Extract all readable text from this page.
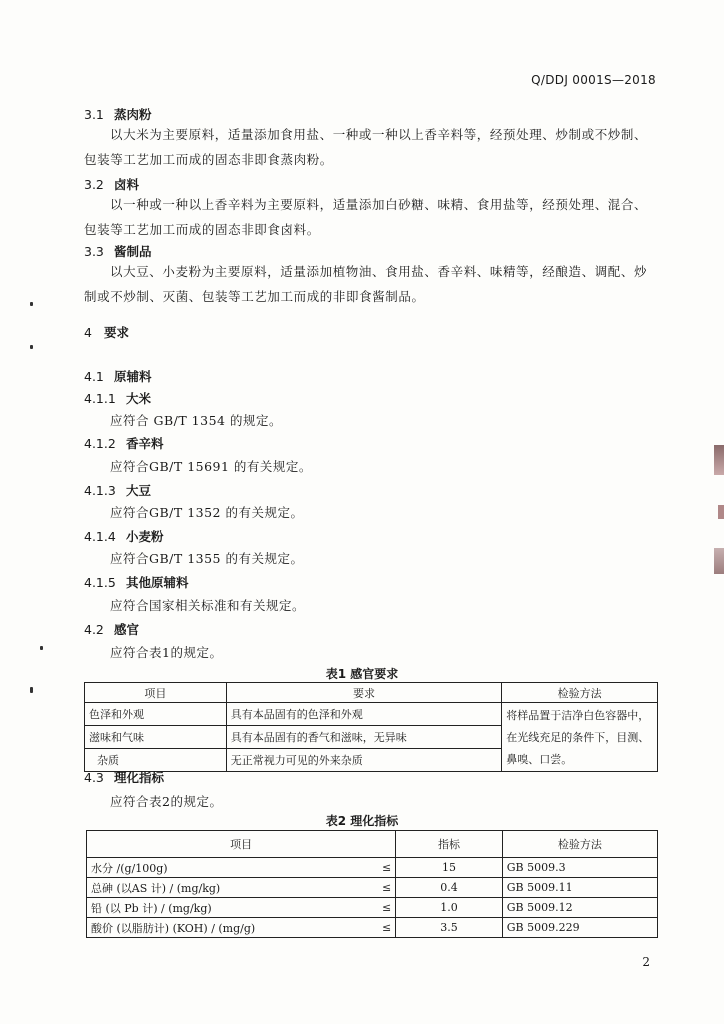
Q/DDJ 0001S—2018
3.1 蒸肉粉
以大米为主要原料，适量添加食用盐、一种或一种以上香辛料等，经预处理、炒制或不炒制、包装等工艺加工而成的固态非即食蒸肉粉。
3.2 卤料
以一种或一种以上香辛料为主要原料，适量添加白砂糖、味精、食用盐等，经预处理、混合、包装等工艺加工而成的固态非即食卤料。
3.3 酱制品
以大豆、小麦粉为主要原料，适量添加植物油、食用盐、香辛料、味精等，经酿造、调配、炒制或不炒制、灭菌、包装等工艺加工而成的非即食酱制品。
4 要求
4.1 原辅料
4.1.1 大米
应符合 GB/T 1354 的规定。
4.1.2 香辛料
应符合GB/T 15691 的有关规定。
4.1.3 大豆
应符合GB/T 1352 的有关规定。
4.1.4 小麦粉
应符合GB/T 1355 的有关规定。
4.1.5 其他原辅料
应符合国家相关标准和有关规定。
4.2 感官
应符合表1的规定。
表1 感官要求
项目	要求	检验方法
色泽和外观	具有本品固有的色泽和外观	将样品置于洁净白色容器中，在光线充足的条件下，目测、鼻嗅、口尝。
滋味和气味	具有本品固有的香气和滋味，无异味	
杂质	无正常视力可见的外来杂质	
4.3 理化指标
应符合表2的规定。
表2 理化指标
项目		指标	检验方法
水分 /(g/100g)	≤	15	GB 5009.3
总砷 (以AS 计) / (mg/kg)	≤	0.4	GB 5009.11
铅 (以 Pb 计) / (mg/kg)	≤	1.0	GB 5009.12
酸价 (以脂肪计) (KOH) / (mg/g)	≤	3.5	GB 5009.229
2
